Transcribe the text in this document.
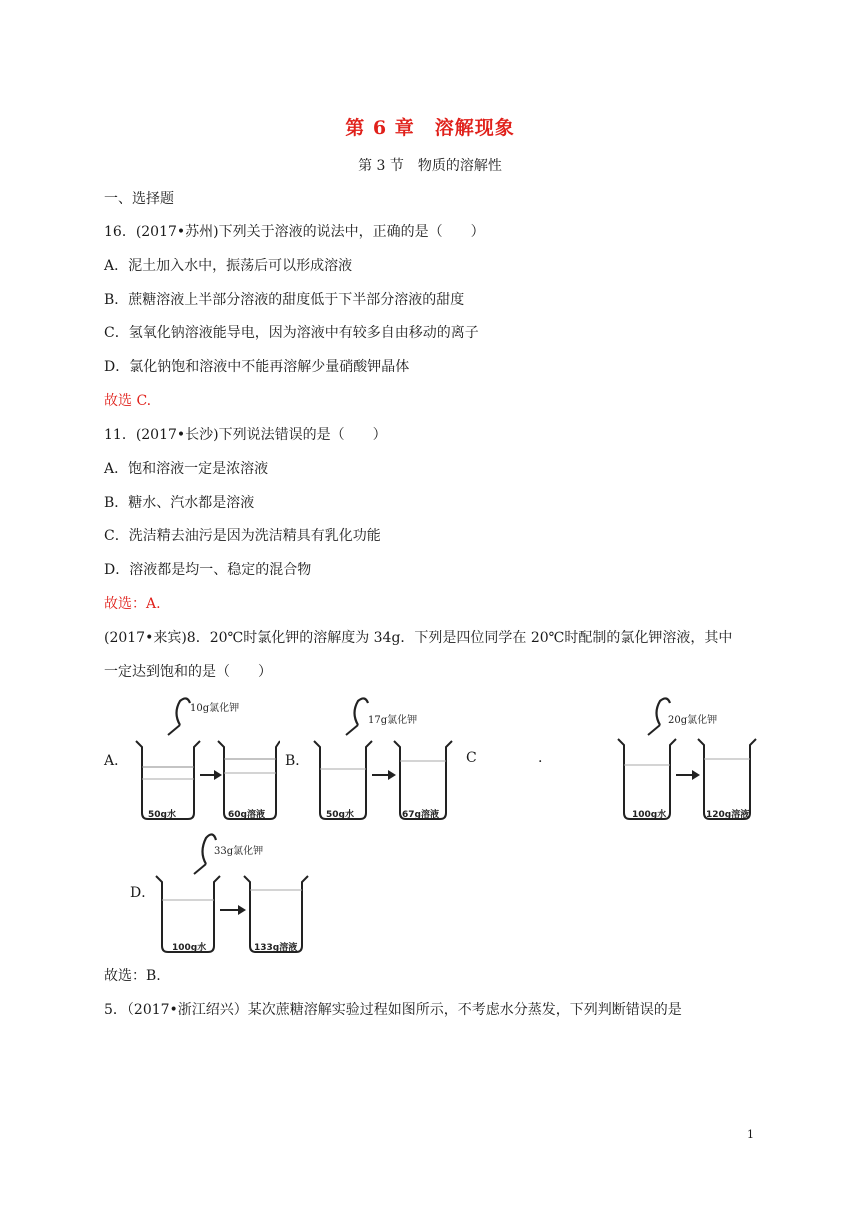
第 6 章　溶解现象
第 3 节　物质的溶解性
一、选择题
16．(2017•苏州)下列关于溶液的说法中，正确的是（　　）
A．泥土加入水中，振荡后可以形成溶液
B．蔗糖溶液上半部分溶液的甜度低于下半部分溶液的甜度
C．氢氧化钠溶液能导电，因为溶液中有较多自由移动的离子
D．氯化钠饱和溶液中不能再溶解少量硝酸钾晶体
故选 C.
11．(2017•长沙)下列说法错误的是（　　）
A．饱和溶液一定是浓溶液
B．糖水、汽水都是溶液
C．洗洁精去油污是因为洗洁精具有乳化功能
D．溶液都是均一、稳定的混合物
故选：A.
(2017•来宾)8．20℃时氯化钾的溶解度为 34g．下列是四位同学在 20℃时配制的氯化钾溶液，其中
一定达到饱和的是（　　）
A．
10g氯化钾
50g水	60g溶液
B．
17g氯化钾
50g水	67g溶液
C	.
20g氯化钾
100g水	120g溶液
D．
33g氯化钾
100g水	133g溶液
故选：B.
5．（2017•浙江绍兴）某次蔗糖溶解实验过程如图所示，不考虑水分蒸发，下列判断错误的是
1
